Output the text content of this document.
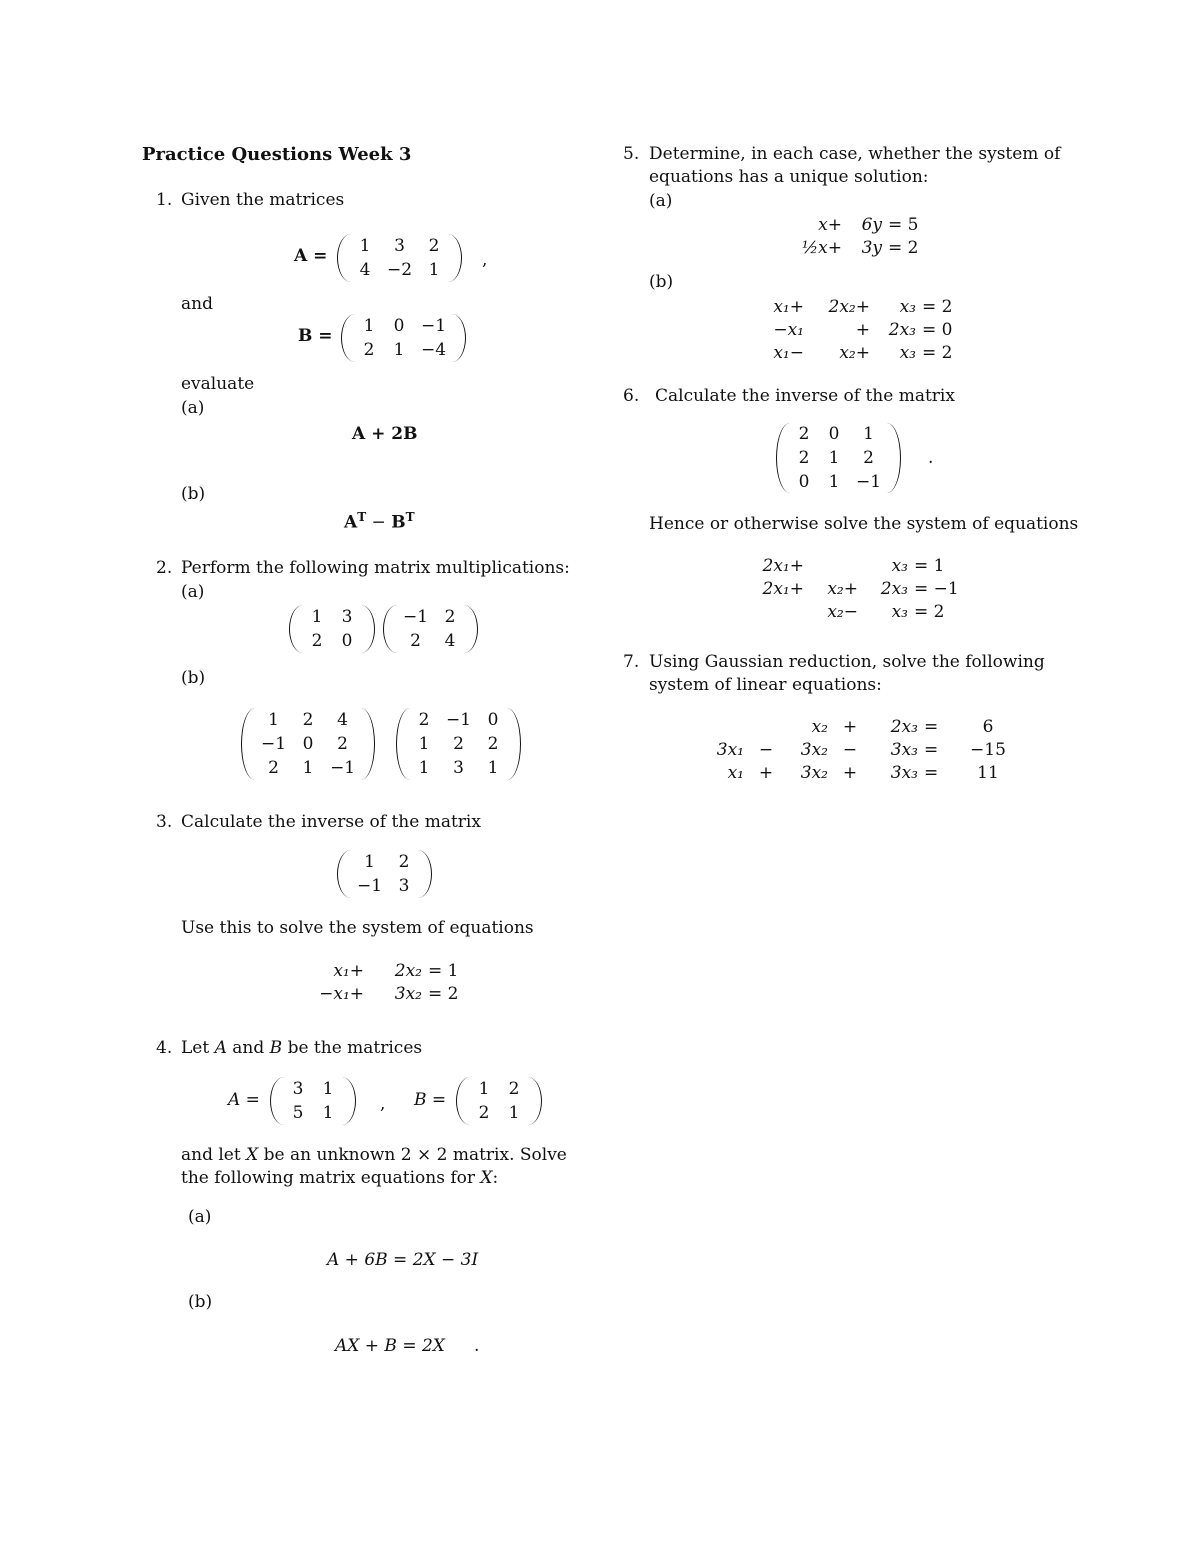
Practice Questions Week 3
1. Given the matrices
A = 1	3	2
4 −2 1	,
and
B = 1 0 −1
2 1 −4
evaluate
(a)
A + 2B
(b)
$A^T - B^T$
2. Perform the following matrix multiplications:
(a)
1 3
2 0
−1 2
2	4
(b)
1	2	4
−1 0	2
2	1 −1
2 −1 0
1	2	2
1	3	1
3. Calculate the inverse of the matrix
1	2
−1 3
Use this to solve the system of equations
x₁+	2x₂ = 1
−x₁+	3x₂ = 2
4. Let A and B be the matrices
A =
3 1
5 1	, B =
1 2
2 1
and let X be an unknown 2 × 2 matrix. Solve
the following matrix equations for X:
(a)
A + 6B = 2X − 3I
(b)
AX + B = 2X .
5. Determine, in each case, whether the system of
equations has a unique solution:
(a)
x+	6y = 5
½x+	3y = 2
(b)
x₁+	2x₂+	x₃ = 2
−x₁	+	2x₃ = 0
x₁−	x₂+	x₃ = 2
6. Calculate the inverse of the matrix
2 0	1
2 1	2
0 1 −1
.
Hence or otherwise solve the system of equations
2x₁+	x₃ = 1
2x₁+	x₂+	2x₃ = −1
x₂−	x₃ = 2
7. Using Gaussian reduction, solve the following
system of linear equations:
x₂ +	2x₃ =	6
3x₁ −	3x₂ −	3x₃ =	−15
x₁ +	3x₂ +	3x₃ =	11
